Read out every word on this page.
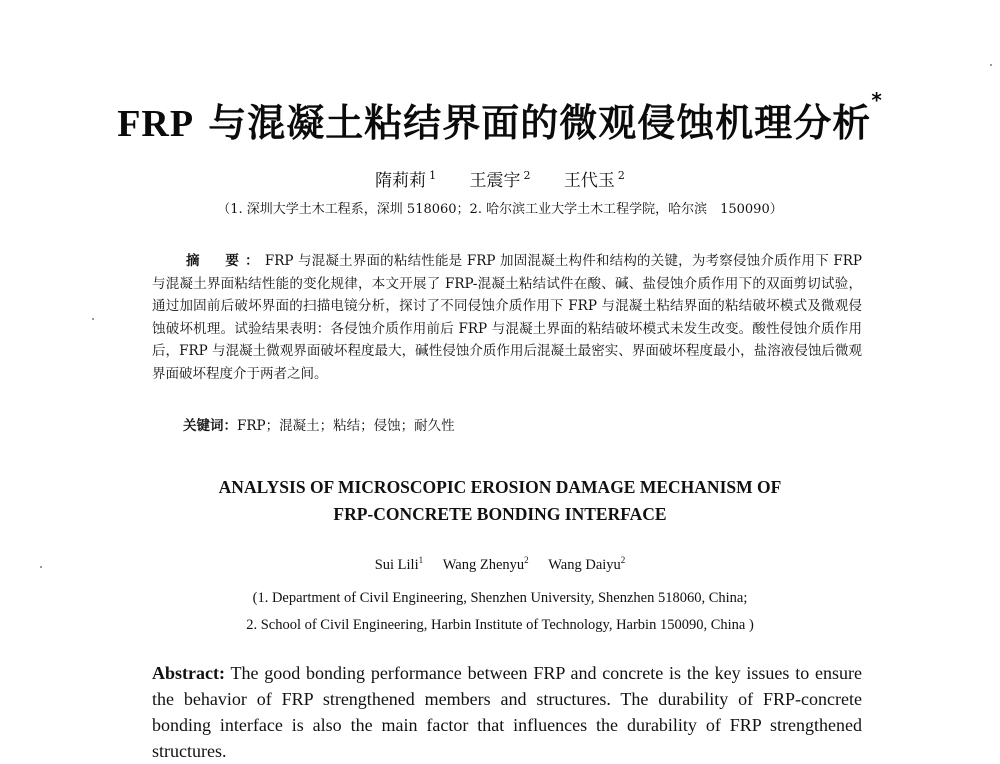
FRP 与混凝土粘结界面的微观侵蚀机理分析*
隋莉莉 $^1$ 王震宇 $^2$ 王代玉 $^2$
（1. 深圳大学土木工程系，深圳 518060；2. 哈尔滨工业大学土木工程学院，哈尔滨　150090）
摘　要：FRP 与混凝土界面的粘结性能是 FRP 加固混凝土构件和结构的关键，为考察侵蚀介质作用下 FRP 与混凝土界面粘结性能的变化规律，本文开展了 FRP-混凝土粘结试件在酸、碱、盐侵蚀介质作用下的双面剪切试验，通过加固前后破坏界面的扫描电镜分析，探讨了不同侵蚀介质作用下 FRP 与混凝土粘结界面的粘结破坏模式及微观侵蚀破坏机理。试验结果表明：各侵蚀介质作用前后 FRP 与混凝土界面的粘结破坏模式未发生改变。酸性侵蚀介质作用后，FRP 与混凝土微观界面破坏程度最大，碱性侵蚀介质作用后混凝土最密实、界面破坏程度最小，盐溶液侵蚀后微观界面破坏程度介于两者之间。
关键词：FRP；混凝土；粘结；侵蚀；耐久性
ANALYSIS OF MICROSCOPIC EROSION DAMAGE MECHANISM OF
FRP-CONCRETE BONDING INTERFACE
Sui Lili$^1$ Wang Zhenyu$^2$ Wang Daiyu$^2$
(1. Department of Civil Engineering, Shenzhen University, Shenzhen 518060, China;
2. School of Civil Engineering, Harbin Institute of Technology, Harbin 150090, China )
Abstract: The good bonding performance between FRP and concrete is the key issues to ensure the behavior of FRP strengthened members and structures. The durability of FRP-concrete bonding interface is also the main factor that influences the durability of FRP strengthened structures.
